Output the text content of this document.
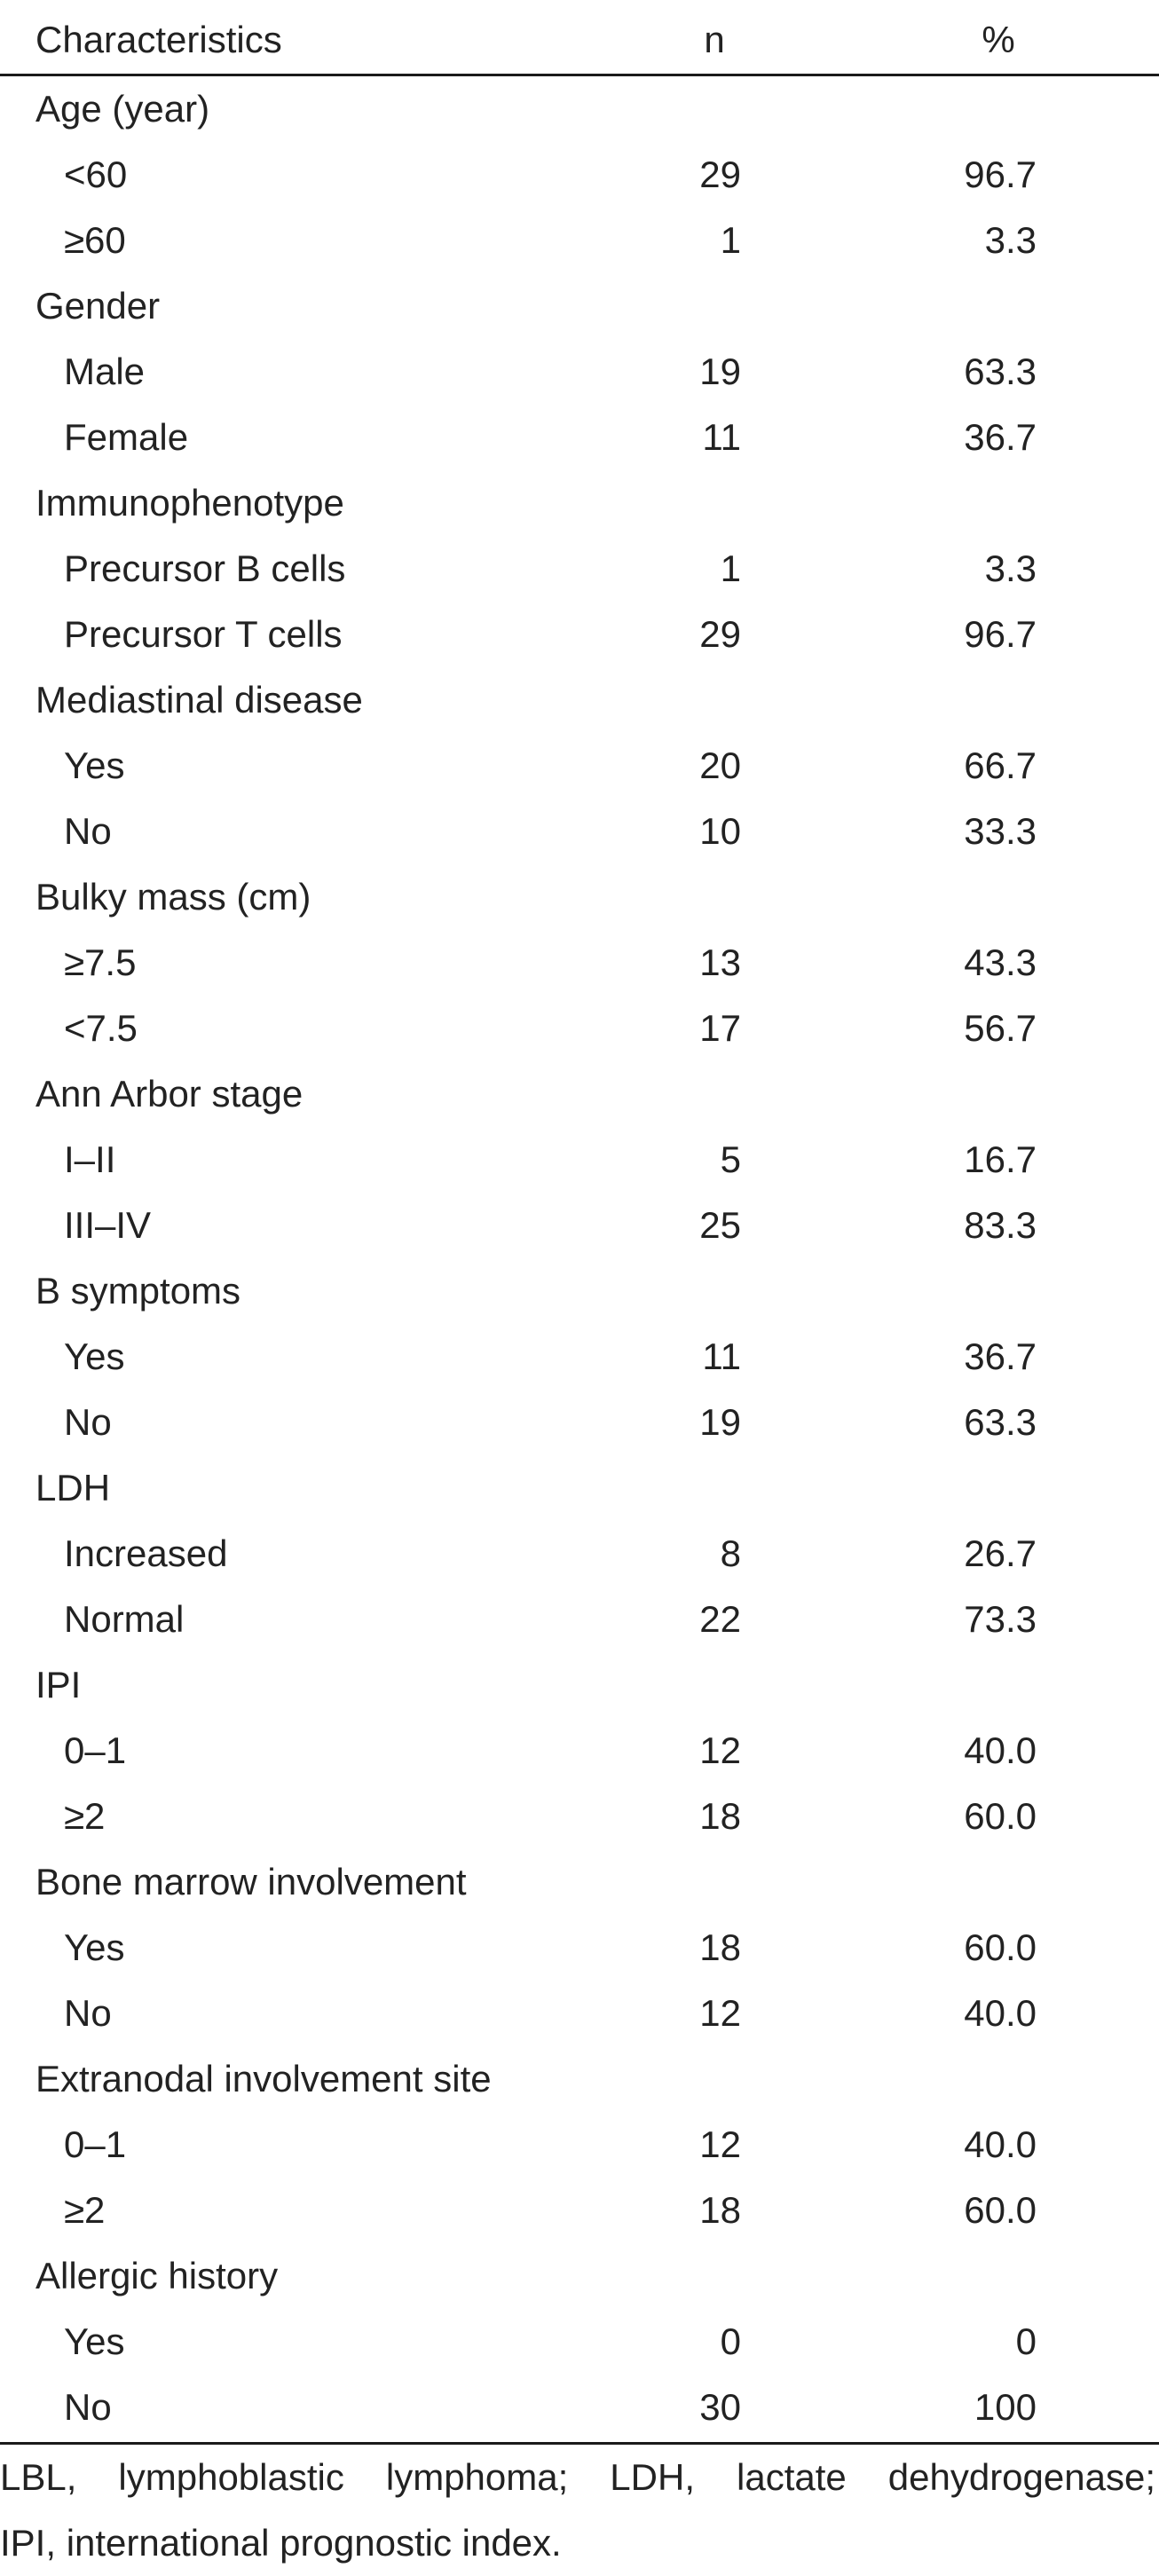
Characteristics	n	%
Age (year)
<60	29	96.7
≥60	1	3.3
Gender
Male	19	63.3
Female	11	36.7
Immunophenotype
Precursor B cells	1	3.3
Precursor T cells	29	96.7
Mediastinal disease
Yes	20	66.7
No	10	33.3
Bulky mass (cm)
≥7.5	13	43.3
<7.5	17	56.7
Ann Arbor stage
I–II	5	16.7
III–IV	25	83.3
B symptoms
Yes	11	36.7
No	19	63.3
LDH
Increased	8	26.7
Normal	22	73.3
IPI
0–1	12	40.0
≥2	18	60.0
Bone marrow involvement
Yes	18	60.0
No	12	40.0
Extranodal involvement site
0–1	12	40.0
≥2	18	60.0
Allergic history
Yes	0	0
No	30	100
LBL, lymphoblastic lymphoma; LDH, lactate dehydrogenase;
IPI, international prognostic index.
